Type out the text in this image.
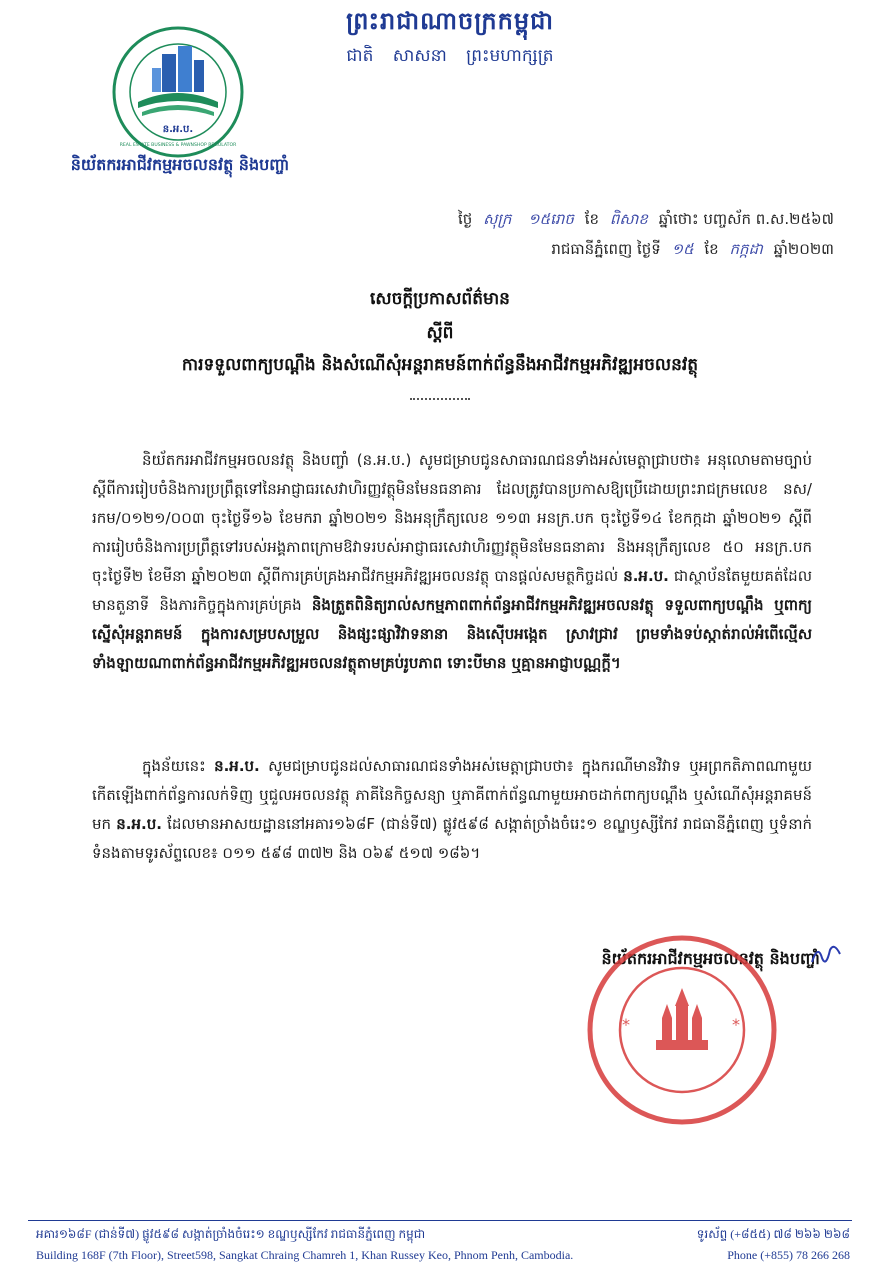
ព្រះរាជាណាចក្រកម្ពុជា
ជាតិ សាសនា ព្រះមហាក្សត្រ
ន.អ.ប.
REAL ESTATE BUSINESS & PAWNSHOP REGULATOR
និយ័តករអាជីវកម្មអចលនវត្ថុ និងបញ្ចាំ
ថ្ងៃ សុក្រ ១៥រោច ខែ ពិសាខ ឆ្នាំថោះ បញ្ចស័ក ព.ស.២៥៦៧
រាជធានីភ្នំពេញ ថ្ងៃទី ១៥ ខែ កក្កដា ឆ្នាំ២០២៣
សេចក្ដីប្រកាសព័ត៌មាន
ស្ដីពី
ការទទួលពាក្យបណ្ដឹង និងសំណើសុំអន្តរាគមន៍ពាក់ព័ន្ធនឹងអាជីវកម្មអភិវឌ្ឍអចលនវត្ថុ
និយ័តករអាជីវកម្មអចលនវត្ថុ និងបញ្ចាំ (ន.អ.ប.) សូមជម្រាបជូនសាធារណជនទាំងអស់មេត្តាជ្រាបថា៖ អនុលោមតាមច្បាប់ស្ដីពីការរៀបចំនិងការប្រព្រឹត្តទៅនៃអាជ្ញាធរសេវាហិរញ្ញវត្ថុមិនមែនធនាគារ ដែលត្រូវបានប្រកាសឱ្យប្រើដោយព្រះរាជក្រមលេខ នស/រកម/០១២១/០០៣ ចុះថ្ងៃទី១៦ ខែមករា ឆ្នាំ២០២១ និងអនុក្រឹត្យលេខ ១១៣ អនក្រ.បក ចុះថ្ងៃទី១៤ ខែកក្កដា ឆ្នាំ២០២១ ស្ដីពីការរៀបចំនិងការប្រព្រឹត្តទៅរបស់អង្គភាពក្រោមឱវាទរបស់អាជ្ញាធរសេវាហិរញ្ញវត្ថុមិនមែនធនាគារ និងអនុក្រឹត្យលេខ ៥០ អនក្រ.បក ចុះថ្ងៃទី២ ខែមីនា ឆ្នាំ២០២៣ ស្ដីពីការគ្រប់គ្រងអាជីវកម្មអភិវឌ្ឍអចលនវត្ថុ បានផ្ដល់សមត្ថកិច្ចដល់ ន.អ.ប. ជាស្ថាប័នតែមួយគត់ដែលមានតួនាទី និងភារកិច្ចក្នុងការគ្រប់គ្រង និងត្រួតពិនិត្យរាល់សកម្មភាពពាក់ព័ន្ធអាជីវកម្មអភិវឌ្ឍអចលនវត្ថុ ទទួលពាក្យបណ្ដឹង ឬពាក្យស្នើសុំអន្តរាគមន៍ ក្នុងការសម្របសម្រួល និងផ្សះផ្សាវិវាទនានា និងស៊ើបអង្កេត ស្រាវជ្រាវ ព្រមទាំងទប់ស្កាត់រាល់អំពើល្មើសទាំងឡាយណាពាក់ព័ន្ធអាជីវកម្មអភិវឌ្ឍអចលនវត្ថុតាមគ្រប់រូបភាព ទោះបីមាន ឬគ្មានអាជ្ញាបណ្ណក្ដី។
ក្នុងន័យនេះ ន.អ.ប. សូមជម្រាបជូនដល់សាធារណជនទាំងអស់មេត្តាជ្រាបថា៖ ក្នុងករណីមានវិវាទ ឬអព្រកតិភាពណាមួយកើតឡើងពាក់ព័ន្ធការលក់ទិញ ឬជួលអចលនវត្ថុ ភាគីនៃកិច្ចសន្យា ឬភាគីពាក់ព័ន្ធណាមួយអាចដាក់ពាក្យបណ្ដឹង ឬសំណើសុំអន្តរាគមន៍មក ន.អ.ប. ដែលមានអាសយដ្ឋាននៅអគារ១៦៨F (ជាន់ទី៧) ផ្លូវ៥៩៨ សង្កាត់ច្រាំងចំរេះ១ ខណ្ឌឫស្សីកែវ រាជធានីភ្នំពេញ ឬទំនាក់ទំនងតាមទូរស័ព្ទលេខ៖ ០១១ ៥៩៨ ៣៧២ និង ០៦៩ ៥១៧ ១៨៦។
និយ័តករអាជីវកម្មអចលនវត្ថុ និងបញ្ចាំ
*	*
អគារ១៦៨F (ជាន់ទី៧) ផ្លូវ៥៩៨ សង្កាត់ច្រាំងចំរេះ១ ខណ្ឌឫស្សីកែវ រាជធានីភ្នំពេញ កម្ពុជា
Building 168F (7th Floor), Street598, Sangkat Chraing Chamreh 1, Khan Russey Keo, Phnom Penh, Cambodia.
ទូរស័ព្ទ (+៨៥៥) ៧៨ ២៦៦ ២៦៨
Phone (+855) 78 266 268
